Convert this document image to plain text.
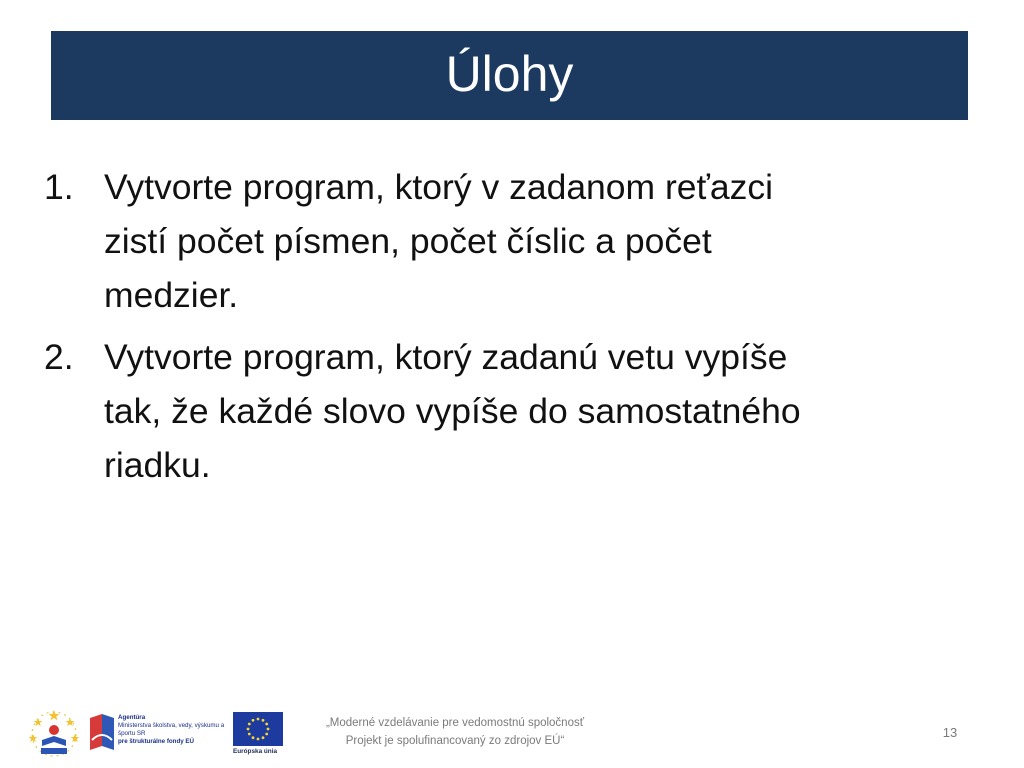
Úlohy
1. Vytvorte program, ktorý v zadanom reťazci
zistí počet písmen, počet číslic a počet
medzier.
2. Vytvorte program, ktorý zadanú vetu vypíše
tak, že každé slovo vypíše do samostatného
riadku.
Agentúra
Ministerstva školstva, vedy, výskumu a športu SR
pre štrukturálne fondy EÚ
Európska únia
„Moderné vzdelávanie pre vedomostnú spoločnosť
Projekt je spolufinancovaný zo zdrojov EÚ“
13
